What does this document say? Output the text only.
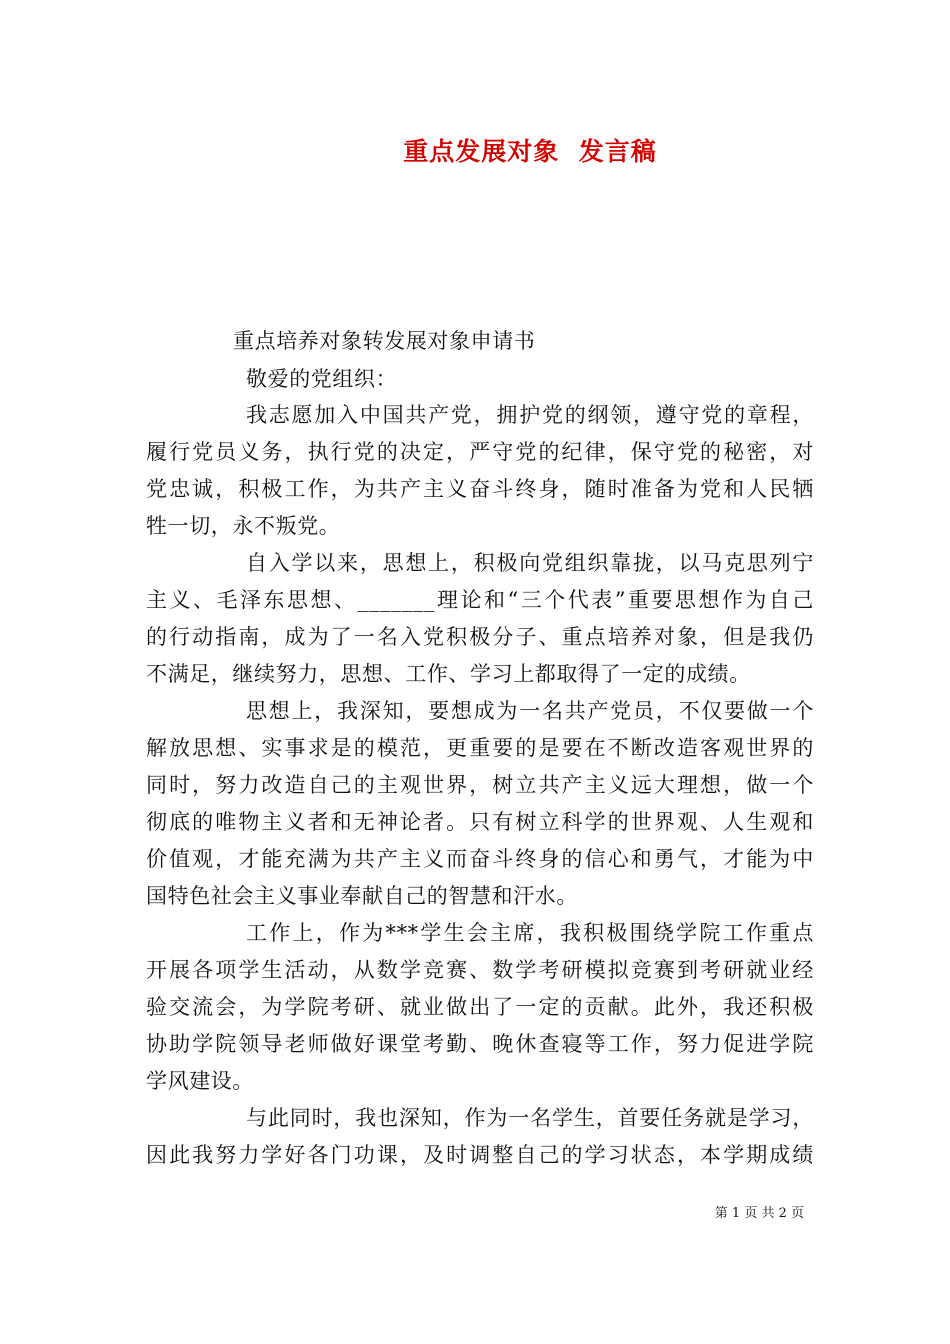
重点发展对象  发言稿
重点培养对象转发展对象申请书
敬爱的党组织：
我志愿加入中国共产党，拥护党的纲领，遵守党的章程，
履行党员义务，执行党的决定，严守党的纪律，保守党的秘密，对
党忠诚，积极工作，为共产主义奋斗终身，随时准备为党和人民牺
牲一切，永不叛党。
自入学以来，思想上，积极向党组织靠拢，以马克思列宁
主义、毛泽东思想、_______理论和“三个代表”重要思想作为自己
的行动指南，成为了一名入党积极分子、重点培养对象，但是我仍
不满足，继续努力，思想、工作、学习上都取得了一定的成绩。
思想上，我深知，要想成为一名共产党员，不仅要做一个
解放思想、实事求是的模范，更重要的是要在不断改造客观世界的
同时，努力改造自己的主观世界，树立共产主义远大理想，做一个
彻底的唯物主义者和无神论者。只有树立科学的世界观、人生观和
价值观，才能充满为共产主义而奋斗终身的信心和勇气，才能为中
国特色社会主义事业奉献自己的智慧和汗水。
工作上，作为***学生会主席，我积极围绕学院工作重点
开展各项学生活动，从数学竞赛、数学考研模拟竞赛到考研就业经
验交流会，为学院考研、就业做出了一定的贡献。此外，我还积极
协助学院领导老师做好课堂考勤、晚休查寝等工作，努力促进学院
学风建设。
与此同时，我也深知，作为一名学生，首要任务就是学习，
因此我努力学好各门功课，及时调整自己的学习状态，本学期成绩
第 1 页 共 2 页
